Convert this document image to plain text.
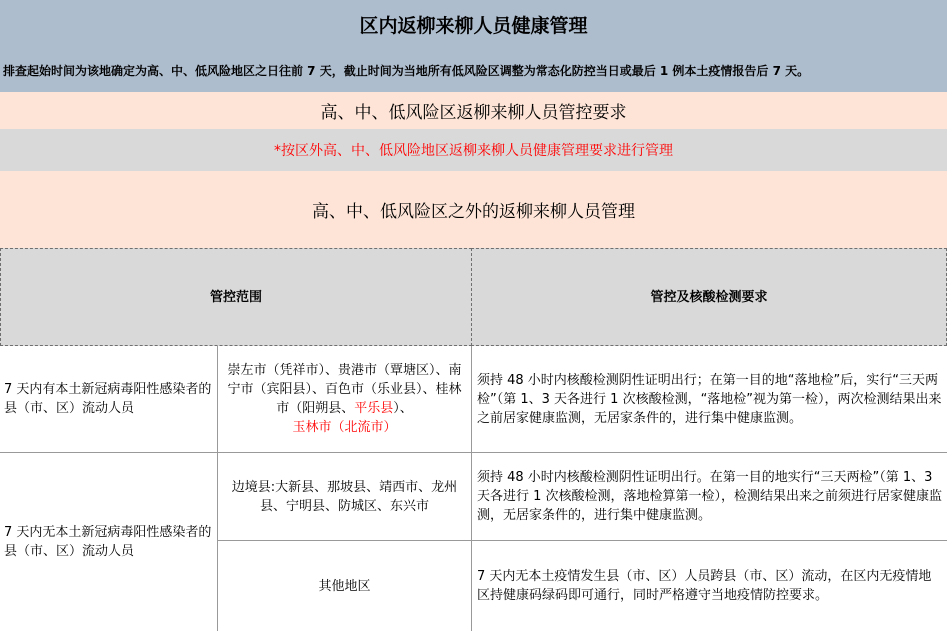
区内返柳来柳人员健康管理
排查起始时间为该地确定为高、中、低风险地区之日往前 7 天，截止时间为当地所有低风险区调整为常态化防控当日或最后 1 例本土疫情报告后 7 天。
高、中、低风险区返柳来柳人员管控要求
*按区外高、中、低风险地区返柳来柳人员健康管理要求进行管理
高、中、低风险区之外的返柳来柳人员管理
管控范围	管控及核酸检测要求
7 天内有本土新冠病毒阳性感染者的县（市、区）流动人员
崇左市（凭祥市）、贵港市（覃塘区）、南宁市（宾阳县）、百色市（乐业县）、桂林市（阳朔县、平乐县）、玉林市（北流市）
须持 48 小时内核酸检测阴性证明出行；在第一目的地“落地检”后，实行“三天两检”（第 1、3 天各进行 1 次核酸检测，“落地检”视为第一检），两次检测结果出来之前居家健康监测，无居家条件的，进行集中健康监测。
7 天内无本土新冠病毒阳性感染者的县（市、区）流动人员
边境县:大新县、那坡县、靖西市、龙州县、宁明县、防城区、东兴市
须持 48 小时内核酸检测阴性证明出行。在第一目的地实行“三天两检”（第 1、3 天各进行 1 次核酸检测，落地检算第一检），检测结果出来之前须进行居家健康监测，无居家条件的，进行集中健康监测。
其他地区
7 天内无本土疫情发生县（市、区）人员跨县（市、区）流动，在区内无疫情地区持健康码绿码即可通行，同时严格遵守当地疫情防控要求。
